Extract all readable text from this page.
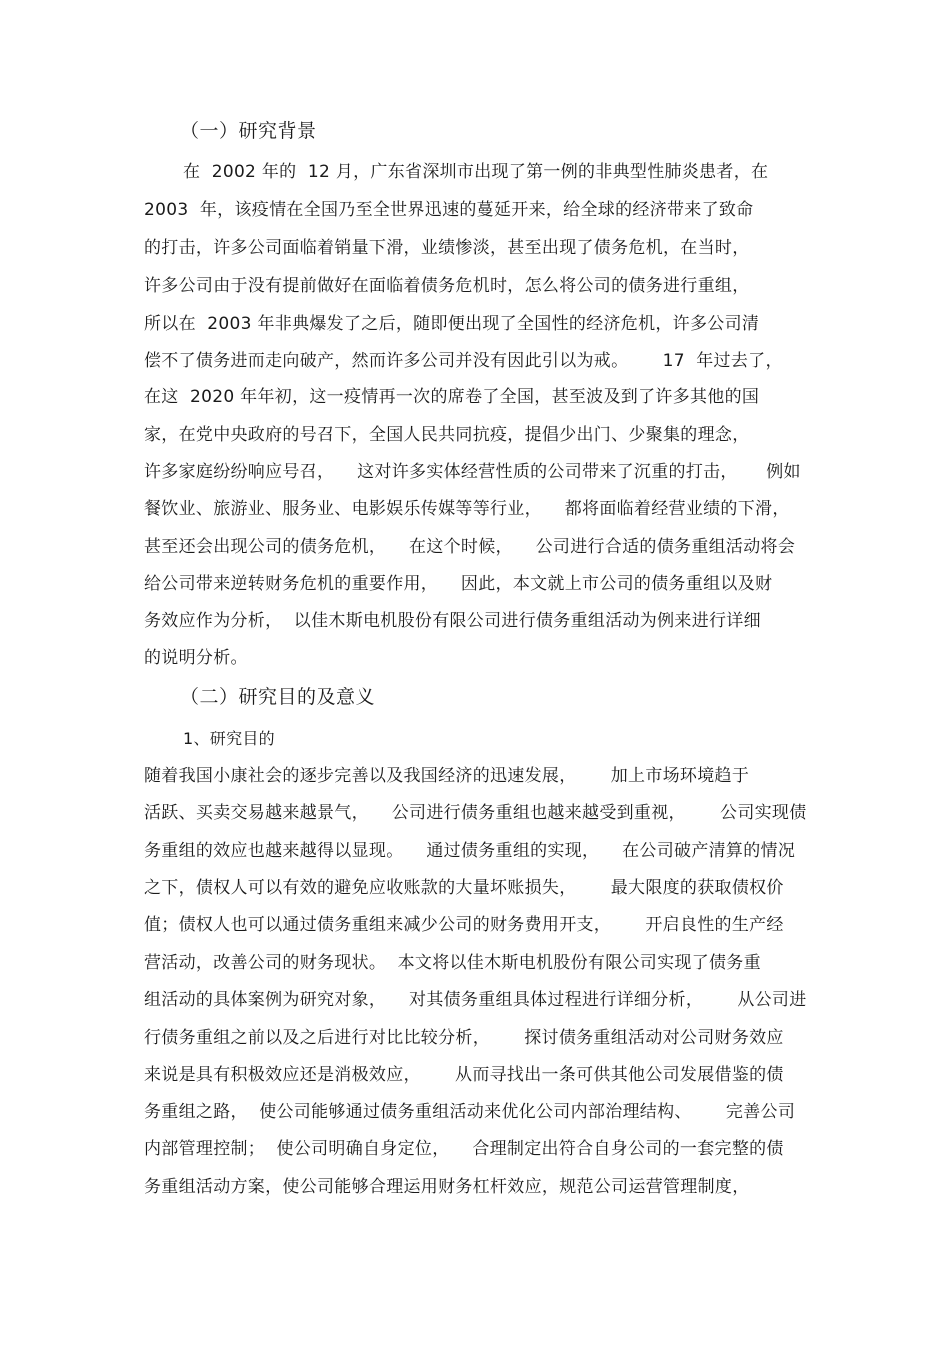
（一）研究背景
在  2002 年的  12 月，广东省深圳市出现了第一例的非典型性肺炎患者，在
2003  年，该疫情在全国乃至全世界迅速的蔓延开来，给全球的经济带来了致命
的打击，许多公司面临着销量下滑，业绩惨淡，甚至出现了债务危机，在当时，
许多公司由于没有提前做好在面临着债务危机时，怎么将公司的债务进行重组，
所以在  2003 年非典爆发了之后，随即便出现了全国性的经济危机，许多公司清
偿不了债务进而走向破产，然而许多公司并没有因此引以为戒。      17  年过去了，
在这  2020 年年初，这一疫情再一次的席卷了全国，甚至波及到了许多其他的国
家，在党中央政府的号召下，全国人民共同抗疫，提倡少出门、少聚集的理念，
许多家庭纷纷响应号召，    这对许多实体经营性质的公司带来了沉重的打击，     例如
餐饮业、旅游业、服务业、电影娱乐传媒等等行业，    都将面临着经营业绩的下滑，
甚至还会出现公司的债务危机，    在这个时候，    公司进行合适的债务重组活动将会
给公司带来逆转财务危机的重要作用，    因此，本文就上市公司的债务重组以及财
务效应作为分析，  以佳木斯电机股份有限公司进行债务重组活动为例来进行详细
的说明分析。
（二）研究目的及意义
1、研究目的
随着我国小康社会的逐步完善以及我国经济的迅速发展，      加上市场环境趋于
活跃、买卖交易越来越景气，    公司进行债务重组也越来越受到重视，      公司实现债
务重组的效应也越来越得以显现。    通过债务重组的实现，    在公司破产清算的情况
之下，债权人可以有效的避免应收账款的大量坏账损失，      最大限度的获取债权价
值；债权人也可以通过债务重组来减少公司的财务费用开支，      开启良性的生产经
营活动，改善公司的财务现状。  本文将以佳木斯电机股份有限公司实现了债务重
组活动的具体案例为研究对象，    对其债务重组具体过程进行详细分析，      从公司进
行债务重组之前以及之后进行对比比较分析，      探讨债务重组活动对公司财务效应
来说是具有积极效应还是消极效应，      从而寻找出一条可供其他公司发展借鉴的债
务重组之路，  使公司能够通过债务重组活动来优化公司内部治理结构、      完善公司
内部管理控制；  使公司明确自身定位，    合理制定出符合自身公司的一套完整的债
务重组活动方案，使公司能够合理运用财务杠杆效应，规范公司运营管理制度，
